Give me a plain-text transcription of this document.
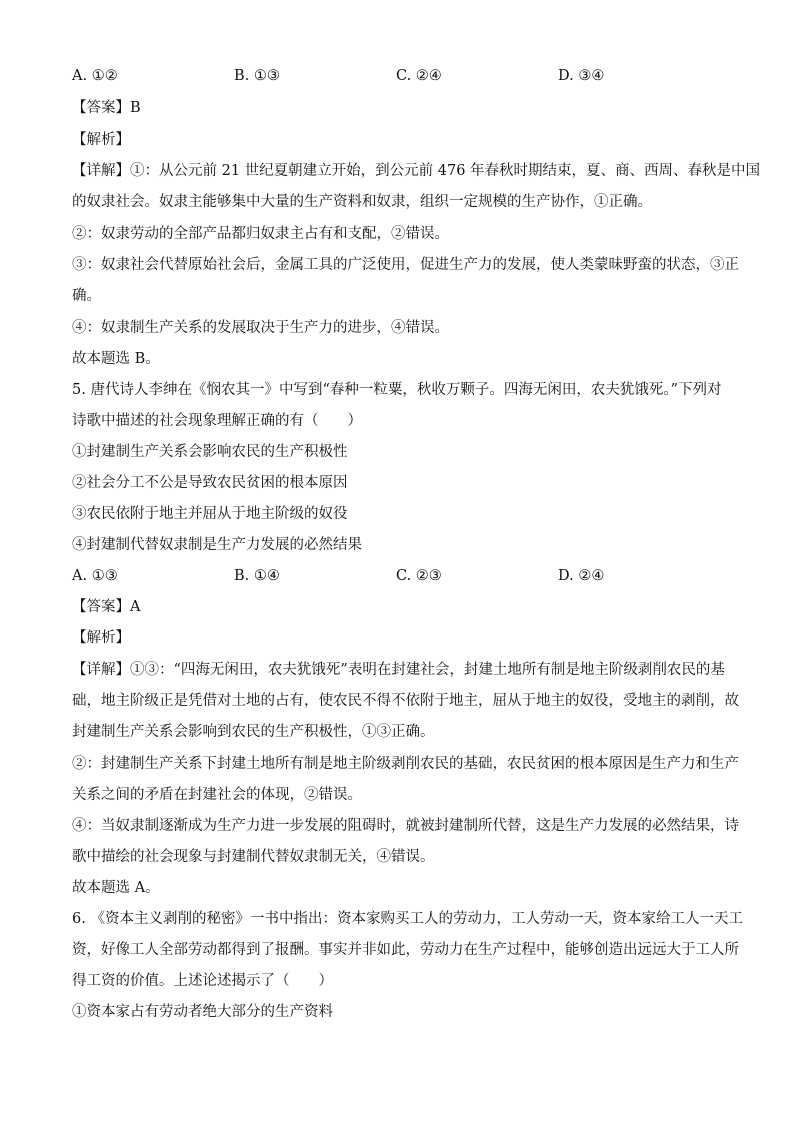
A. ①②	B. ①③	C. ②④	D. ③④
【答案】B
【解析】
【详解】①：从公元前 21 世纪夏朝建立开始，到公元前 476 年春秋时期结束，夏、商、西周、春秋是中国
的奴隶社会。奴隶主能够集中大量的生产资料和奴隶，组织一定规模的生产协作，①正确。
②：奴隶劳动的全部产品都归奴隶主占有和支配，②错误。
③：奴隶社会代替原始社会后，金属工具的广泛使用，促进生产力的发展，使人类蒙昧野蛮的状态，③正
确。
④：奴隶制生产关系的发展取决于生产力的进步，④错误。
故本题选 B。
5. 唐代诗人李绅在《悯农其一》中写到“春种一粒粟，秋收万颗子。四海无闲田，农夫犹饿死。”下列对
诗歌中描述的社会现象理解正确的有（　　）
①封建制生产关系会影响农民的生产积极性
②社会分工不公是导致农民贫困的根本原因
③农民依附于地主并屈从于地主阶级的奴役
④封建制代替奴隶制是生产力发展的必然结果
A. ①③	B. ①④	C. ②③	D. ②④
【答案】A
【解析】
【详解】①③：“四海无闲田，农夫犹饿死”表明在封建社会，封建土地所有制是地主阶级剥削农民的基
础，地主阶级正是凭借对土地的占有，使农民不得不依附于地主，屈从于地主的奴役，受地主的剥削，故
封建制生产关系会影响到农民的生产积极性，①③正确。
②：封建制生产关系下封建土地所有制是地主阶级剥削农民的基础，农民贫困的根本原因是生产力和生产
关系之间的矛盾在封建社会的体现，②错误。
④：当奴隶制逐渐成为生产力进一步发展的阻碍时，就被封建制所代替，这是生产力发展的必然结果，诗
歌中描绘的社会现象与封建制代替奴隶制无关，④错误。
故本题选 A。
6. 《资本主义剥削的秘密》一书中指出：资本家购买工人的劳动力，工人劳动一天，资本家给工人一天工
资，好像工人全部劳动都得到了报酬。事实并非如此，劳动力在生产过程中，能够创造出远远大于工人所
得工资的价值。上述论述揭示了（　　）
①资本家占有劳动者绝大部分的生产资料
